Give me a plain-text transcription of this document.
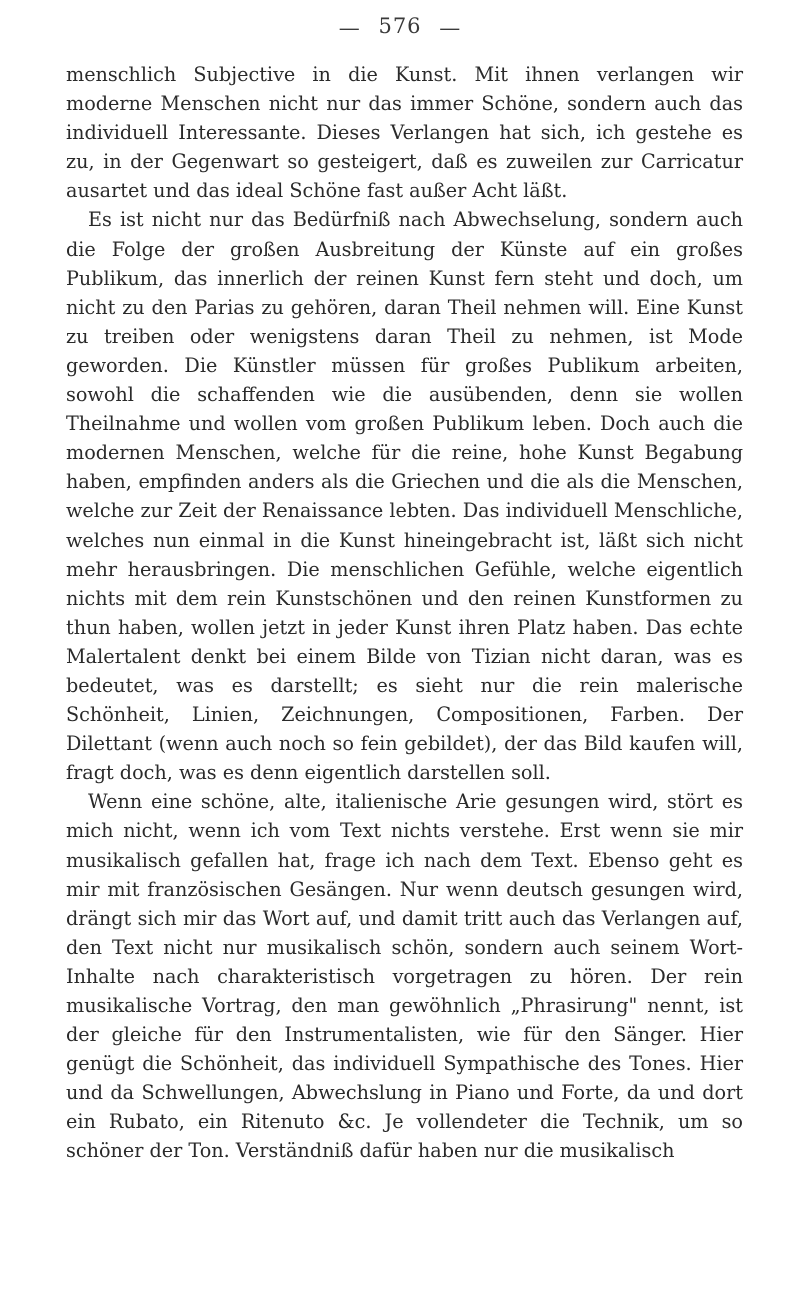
— 576 —

menschlich Subjective in die Kunst. Mit ihnen verlangen wir moderne Menschen nicht nur das immer Schöne, sondern auch das individuell Interessante. Dieses Verlangen hat sich, ich gestehe es zu, in der Gegenwart so gesteigert, daß es zuweilen zur Carricatur ausartet und das ideal Schöne fast außer Acht läßt.

Es ist nicht nur das Bedürfniß nach Abwechselung, sondern auch die Folge der großen Ausbreitung der Künste auf ein großes Publikum, das innerlich der reinen Kunst fern steht und doch, um nicht zu den Parias zu gehören, daran Theil nehmen will. Eine Kunst zu treiben oder wenigstens daran Theil zu nehmen, ist Mode geworden. Die Künstler müssen für großes Publikum arbeiten, sowohl die schaffenden wie die ausübenden, denn sie wollen Theilnahme und wollen vom großen Publikum leben. Doch auch die modernen Menschen, welche für die reine, hohe Kunst Begabung haben, empfinden anders als die Griechen und die als die Menschen, welche zur Zeit der Renaissance lebten. Das individuell Menschliche, welches nun einmal in die Kunst hineingebracht ist, läßt sich nicht mehr herausbringen. Die menschlichen Gefühle, welche eigentlich nichts mit dem rein Kunstschönen und den reinen Kunstformen zu thun haben, wollen jetzt in jeder Kunst ihren Platz haben. Das echte Malertalent denkt bei einem Bilde von Tizian nicht daran, was es bedeutet, was es darstellt; es sieht nur die rein malerische Schönheit, Linien, Zeichnungen, Compositionen, Farben. Der Dilettant (wenn auch noch so fein gebildet), der das Bild kaufen will, fragt doch, was es denn eigentlich darstellen soll.

Wenn eine schöne, alte, italienische Arie gesungen wird, stört es mich nicht, wenn ich vom Text nichts verstehe. Erst wenn sie mir musikalisch gefallen hat, frage ich nach dem Text. Ebenso geht es mir mit französischen Gesängen. Nur wenn deutsch gesungen wird, drängt sich mir das Wort auf, und damit tritt auch das Verlangen auf, den Text nicht nur musikalisch schön, sondern auch seinem Wort-Inhalte nach charakteristisch vorgetragen zu hören. Der rein musikalische Vortrag, den man gewöhnlich „Phrasirung" nennt, ist der gleiche für den Instrumentalisten, wie für den Sänger. Hier genügt die Schönheit, das individuell Sympathische des Tones. Hier und da Schwellungen, Abwechslung in Piano und Forte, da und dort ein Rubato, ein Ritenuto &c. Je vollendeter die Technik, um so schöner der Ton. Verständniß dafür haben nur die musikalisch
